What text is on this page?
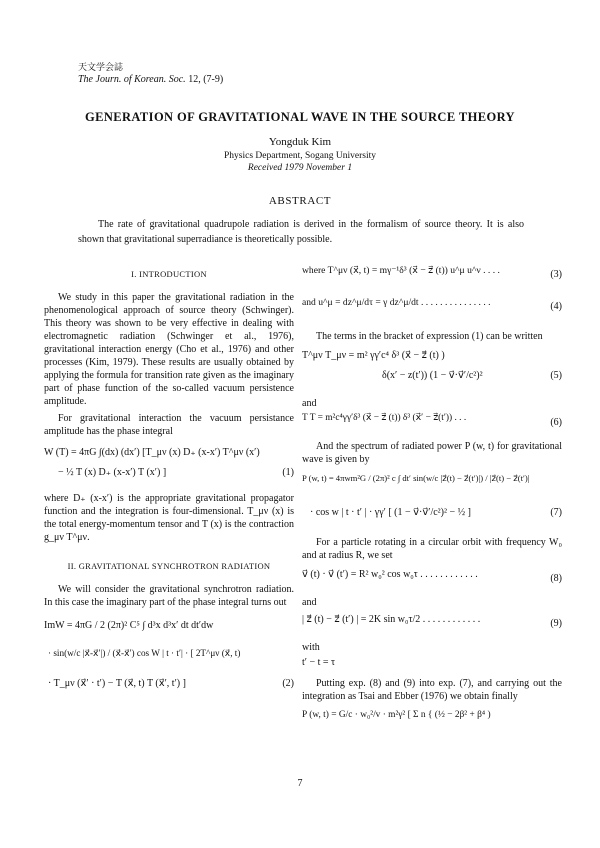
天文学会誌
The Journ. of Korean. Soc. 12, (7-9)
GENERATION OF GRAVITATIONAL WAVE IN THE SOURCE THEORY
Yongduk Kim
Physics Department, Sogang University
Received 1979 November 1
ABSTRACT
The rate of gravitational quadrupole radiation is derived in the formalism of source theory. It is also shown that gravitational superradiance is theoretically possible.
I. INTRODUCTION

We study in this paper the gravitational radiation in the phenomenological approach of source theory (Schwinger). This theory was shown to be very effective in dealing with electromagnetic radiation (Schwinger et al., 1976), gravitational interaction energy (Cho et al., 1976) and other processes (Kim, 1979). These results are usually obtained by applying the formula for transition rate given as the imaginary part of phase function of the so-called vacuum persistence amplitude.

For gravitational interaction the vacuum persistance amplitude has the phase integral

W (T) = 4πG ∫(dx) (dx′) [T_μν (x) D₊ (x-x′) T^μν (x′)
− ½ T (x) D₊ (x-x′) T (x′) ]	(1)

where D₊ (x-x′) is the appropriate gravitational propagator function and the integration is four-dimensional. T_μν (x) is the total energy-momentum tensor and T (x) is the contraction g_μν T^μν.

II. GRAVITATIONAL SYNCHROTRON RADIATION

We will consider the gravitational synchrotron radiation. In this case the imaginary part of the phase integral turns out

ImW = 4πG / 2 (2π)² C⁵ ∫ d³x d³x′ dt dt′dw
· sin(w/c |x⃗-x⃗′|) / (x⃗-x⃗′) cos W | t · t′| · [ 2T^μν (x⃗, t)
· T_μν (x⃗′ · t′) − T (x⃗, t) T (x⃗′, t′) ]	(2)
where T^μν (x⃗, t) = mγ⁻¹δ³ (x⃗ − z⃗ (t)) u^μ u^ν . . . .	(3)
and u^μ = dz^μ/dτ = γ dz^μ/dt . . . . . . . . . . . . . . .	(4)

The terms in the bracket of expression (1) can be written

T^μν T_μν = m² γγ′c⁴ δ³ (x⃗ − z⃗ (t) )
δ(x′ − z(t′)) (1 − v⃗·v⃗′/c²)²	(5)
and
T T = m²c⁴γγ′δ³ (x⃗ − z⃗ (t)) δ³ (x⃗′ − z⃗(t′)) . . .	(6)

And the spectrum of radiated power P (w, t) for gravitational wave is given by

P (w, t) = 4πwm²G / (2π)² c ∫ dt′ sin(w/c |z⃗(t) − z⃗(t′)|) / |z⃗(t) − z⃗(t′)|
· cos w | t · t′ | · γγ′ [ (1 − v⃗·v⃗′/c²)² − ½ ]	(7)

For a particle rotating in a circular orbit with frequency W₀ and at radius R, we set

v⃗ (t) · v⃗ (t′) = R² w₀² cos w₀τ . . . . . . . . . . . .	(8)
and
| z⃗ (t) − z⃗ (t′) | = 2K sin w₀τ/2 . . . . . . . . . . . .	(9)
with
t′ − t = τ

Putting exp. (8) and (9) into exp. (7), and carrying out the integration as Tsai and Ebber (1976) we obtain finally

P (w, t) = G/c · w₀²/v · m²γ² [ Σ n { (½ − 2β² + β⁴ )
7
